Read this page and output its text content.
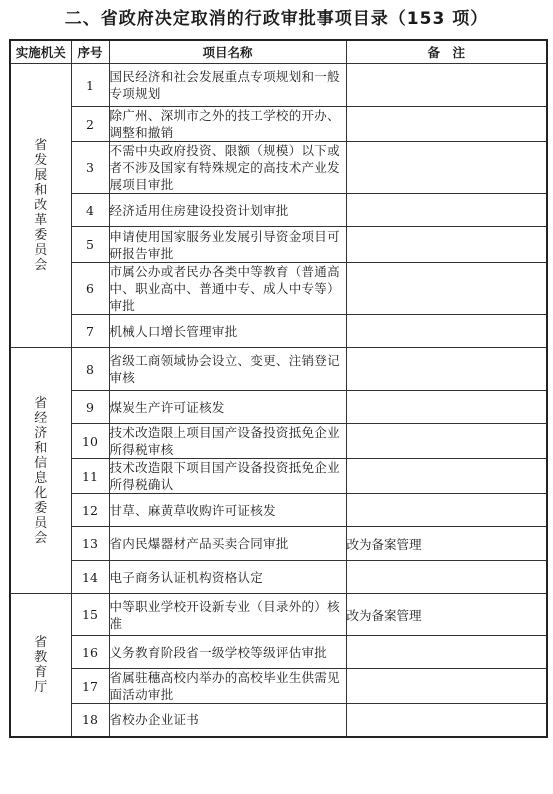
二、省政府决定取消的行政审批事项目录（153 项）
实施机关	序号	项目名称	备　注
省发展和改革委员会	1	国民经济和社会发展重点专项规划和一般专项规划	
	2	除广州、深圳市之外的技工学校的开办、调整和撤销	
	3	不需中央政府投资、限额（规模）以下或者不涉及国家有特殊规定的高技术产业发展项目审批	
	4	经济适用住房建设投资计划审批	
	5	申请使用国家服务业发展引导资金项目可研报告审批	
	6	市属公办或者民办各类中等教育（普通高中、职业高中、普通中专、成人中专等）审批	
	7	机械人口增长管理审批	
省经济和信息化委员会	8	省级工商领域协会设立、变更、注销登记审核	
	9	煤炭生产许可证核发	
	10	技术改造限上项目国产设备投资抵免企业所得税审核	
	11	技术改造限下项目国产设备投资抵免企业所得税确认	
	12	甘草、麻黄草收购许可证核发	
	13	省内民爆器材产品买卖合同审批	改为备案管理
	14	电子商务认证机构资格认定	
省教育厅	15	中等职业学校开设新专业（目录外的）核准	改为备案管理
	16	义务教育阶段省一级学校等级评估审批	
	17	省属驻穗高校内举办的高校毕业生供需见面活动审批	
	18	省校办企业证书	
